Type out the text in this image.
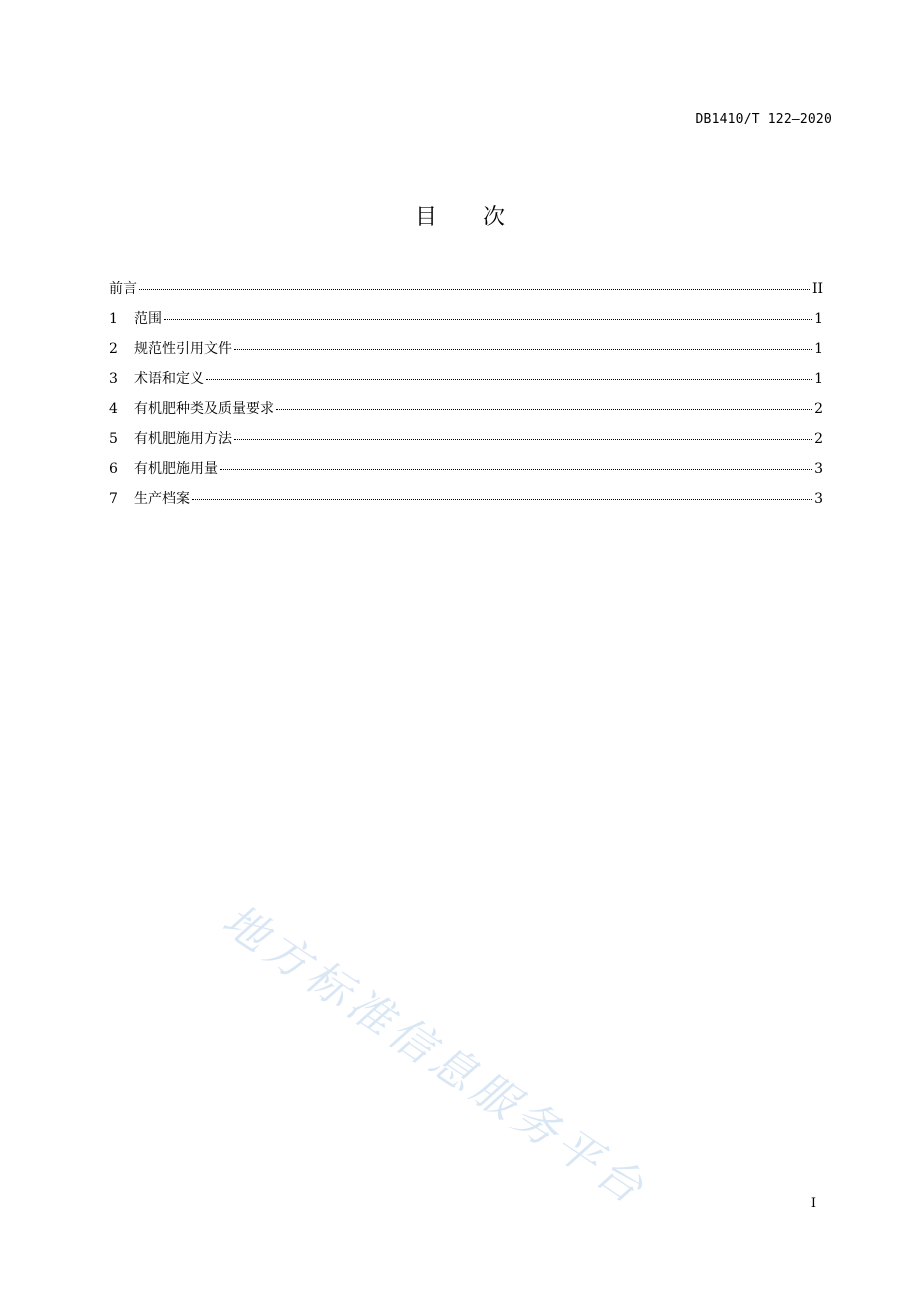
DB1410/T 122—2020
目次
前言	II
1	范围	1
2	规范性引用文件	1
3	术语和定义	1
4	有机肥种类及质量要求	2
5	有机肥施用方法	2
6	有机肥施用量	3
7	生产档案	3
地方标准信息服务平台	I
